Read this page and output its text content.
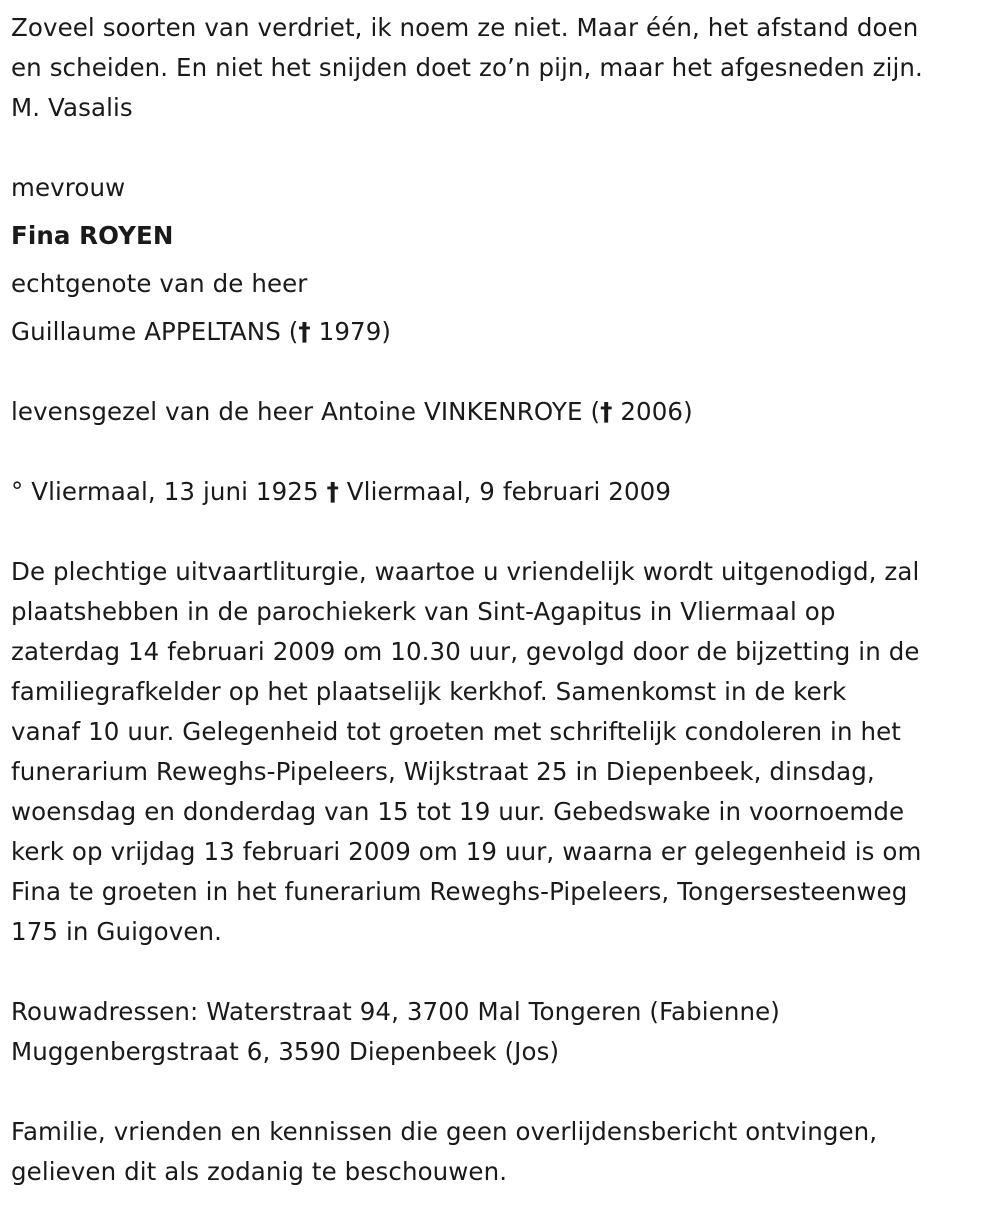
Zoveel soorten van verdriet, ik noem ze niet. Maar één, het afstand doen
en scheiden. En niet het snijden doet zo’n pijn, maar het afgesneden zijn.
M. Vasalis
mevrouw
Fina ROYEN
echtgenote van de heer
Guillaume APPELTANS († 1979)
levensgezel van de heer Antoine VINKENROYE († 2006)
° Vliermaal, 13 juni 1925 † Vliermaal, 9 februari 2009
De plechtige uitvaartliturgie, waartoe u vriendelijk wordt uitgenodigd, zal
plaatshebben in de parochiekerk van Sint-Agapitus in Vliermaal op
zaterdag 14 februari 2009 om 10.30 uur, gevolgd door de bijzetting in de
familiegrafkelder op het plaatselijk kerkhof. Samenkomst in de kerk
vanaf 10 uur. Gelegenheid tot groeten met schriftelijk condoleren in het
funerarium Reweghs-Pipeleers, Wijkstraat 25 in Diepenbeek, dinsdag,
woensdag en donderdag van 15 tot 19 uur. Gebedswake in voornoemde
kerk op vrijdag 13 februari 2009 om 19 uur, waarna er gelegenheid is om
Fina te groeten in het funerarium Reweghs-Pipeleers, Tongersesteenweg
175 in Guigoven.
Rouwadressen: Waterstraat 94, 3700 Mal Tongeren (Fabienne)
Muggenbergstraat 6, 3590 Diepenbeek (Jos)
Familie, vrienden en kennissen die geen overlijdensbericht ontvingen,
gelieven dit als zodanig te beschouwen.
